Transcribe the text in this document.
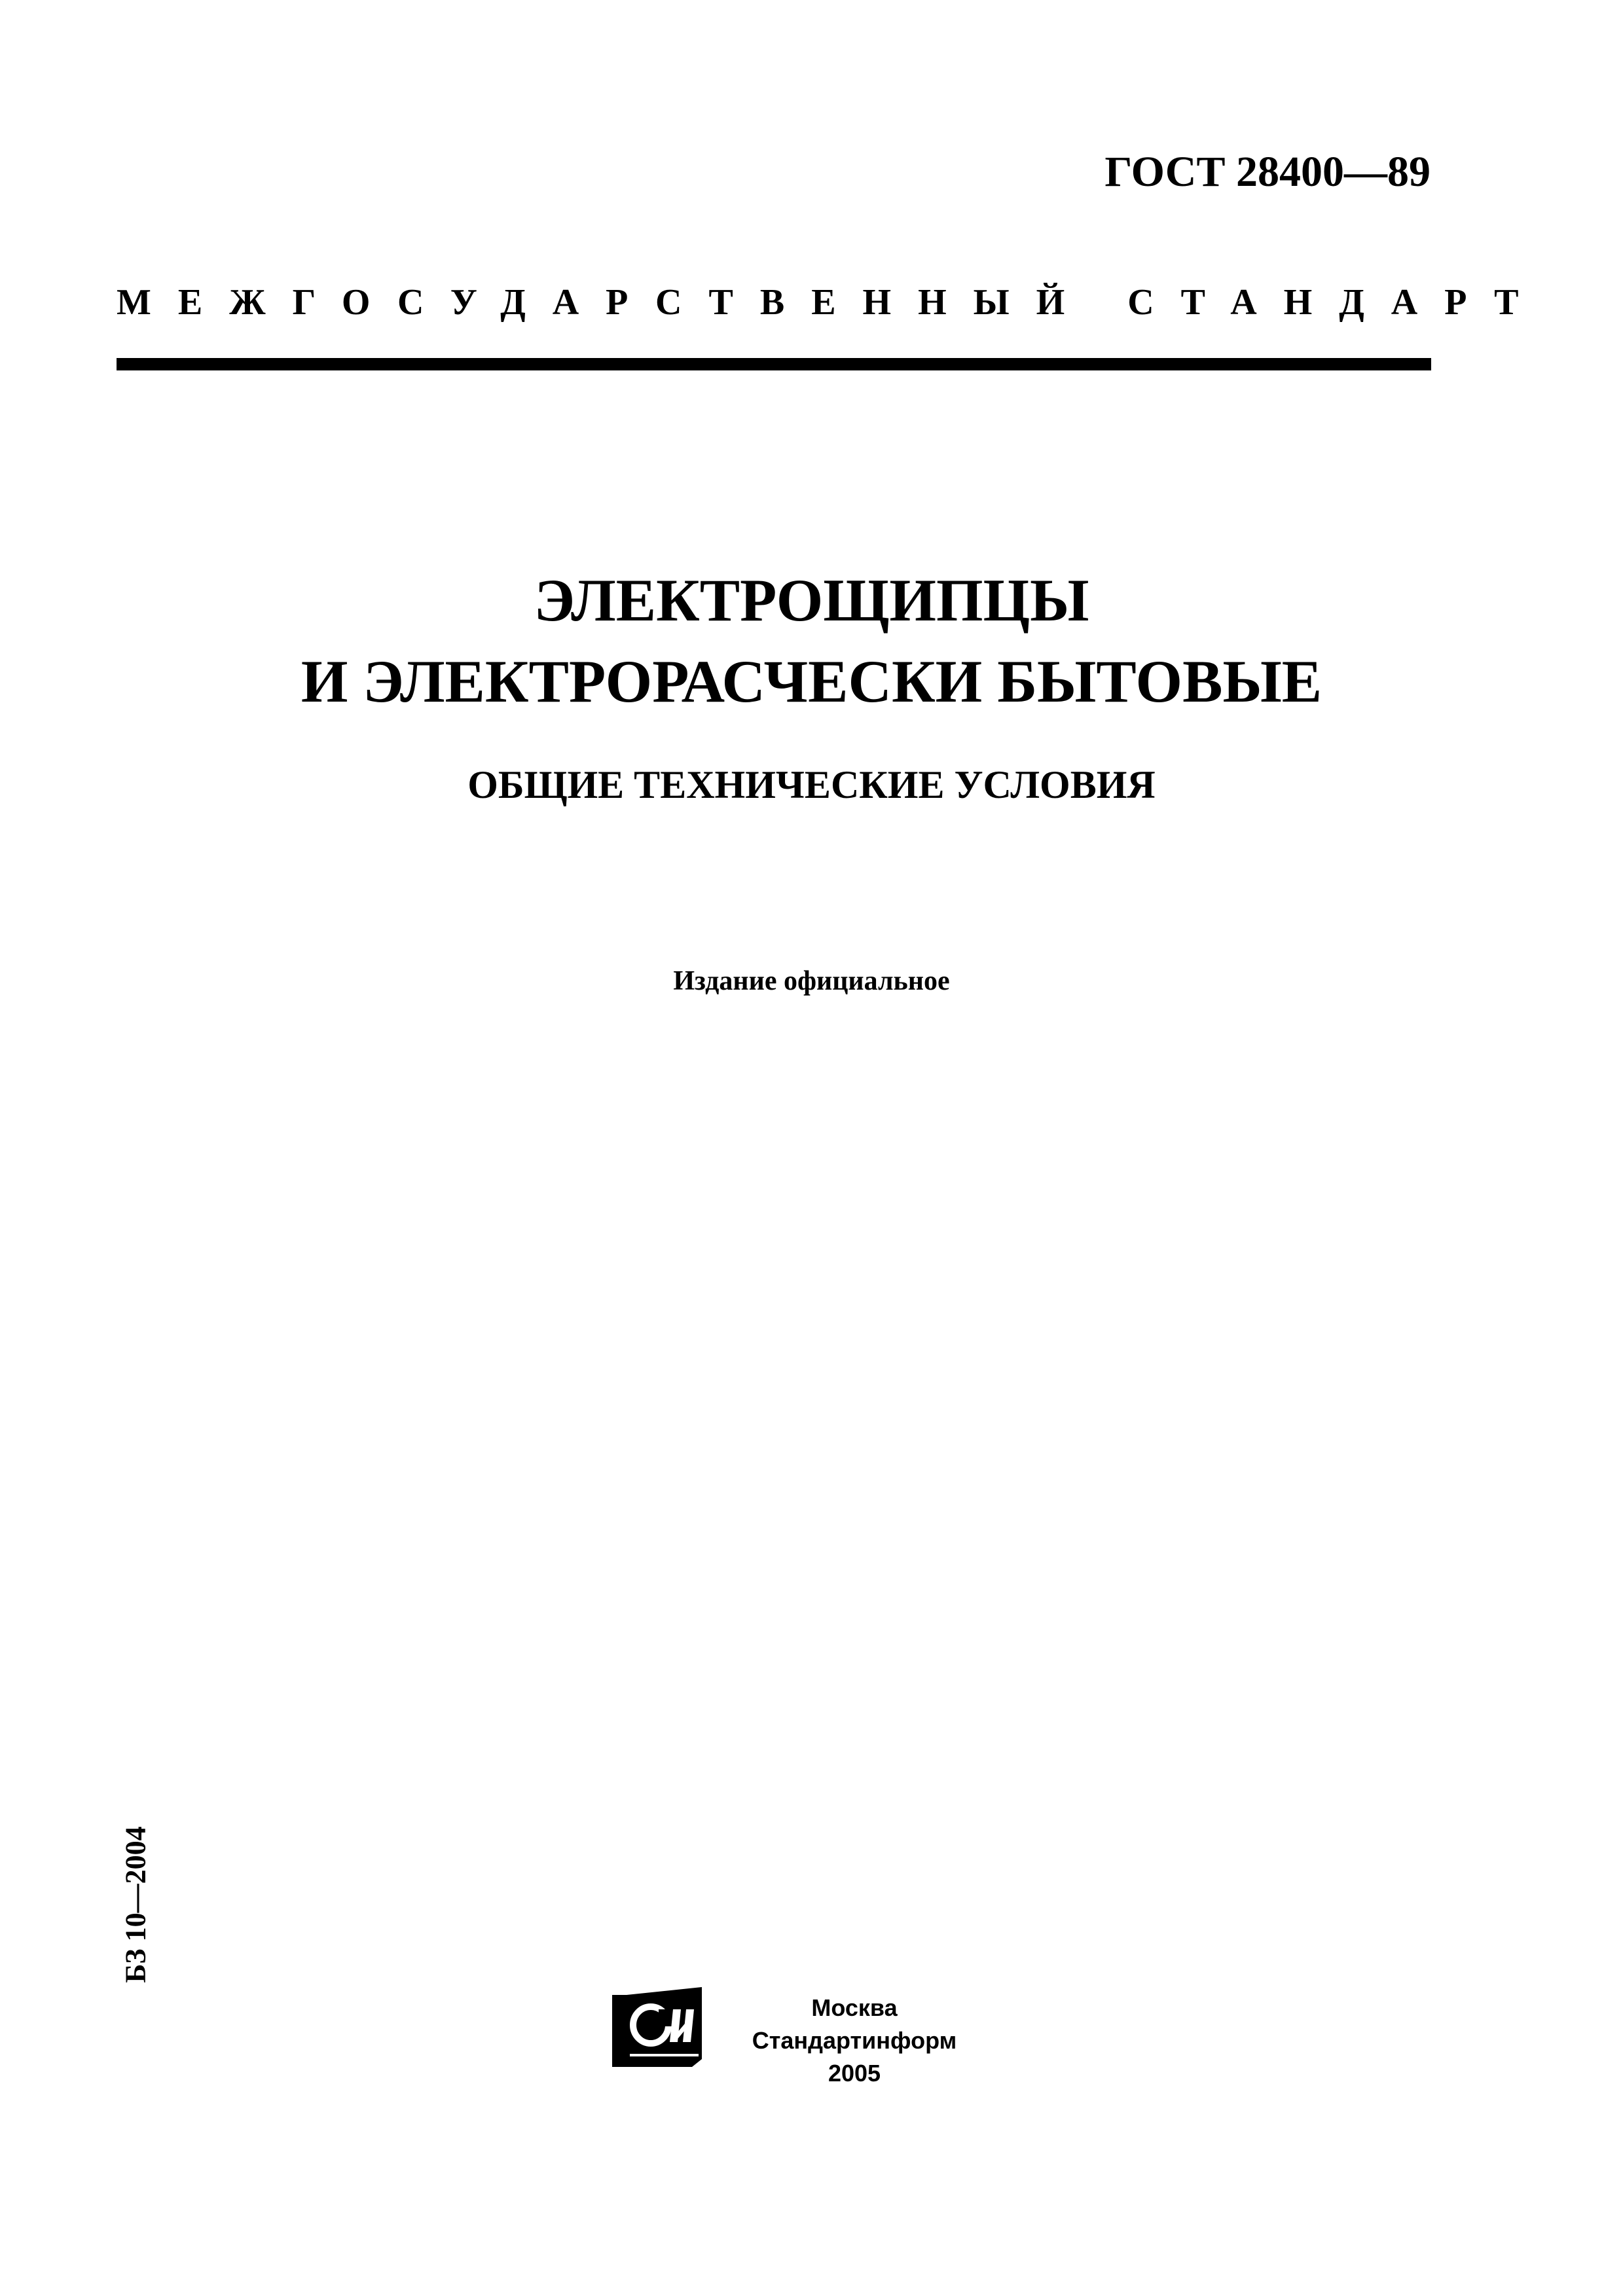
ГОСТ 28400—89
МЕЖГОСУДАРСТВЕННЫЙ СТАНДАРТ
ЭЛЕКТРОЩИПЦЫ
И ЭЛЕКТРОРАСЧЕСКИ БЫТОВЫЕ
ОБЩИЕ ТЕХНИЧЕСКИЕ УСЛОВИЯ
Издание официальное
БЗ 10—2004
Москва
Стандартинформ
2005
